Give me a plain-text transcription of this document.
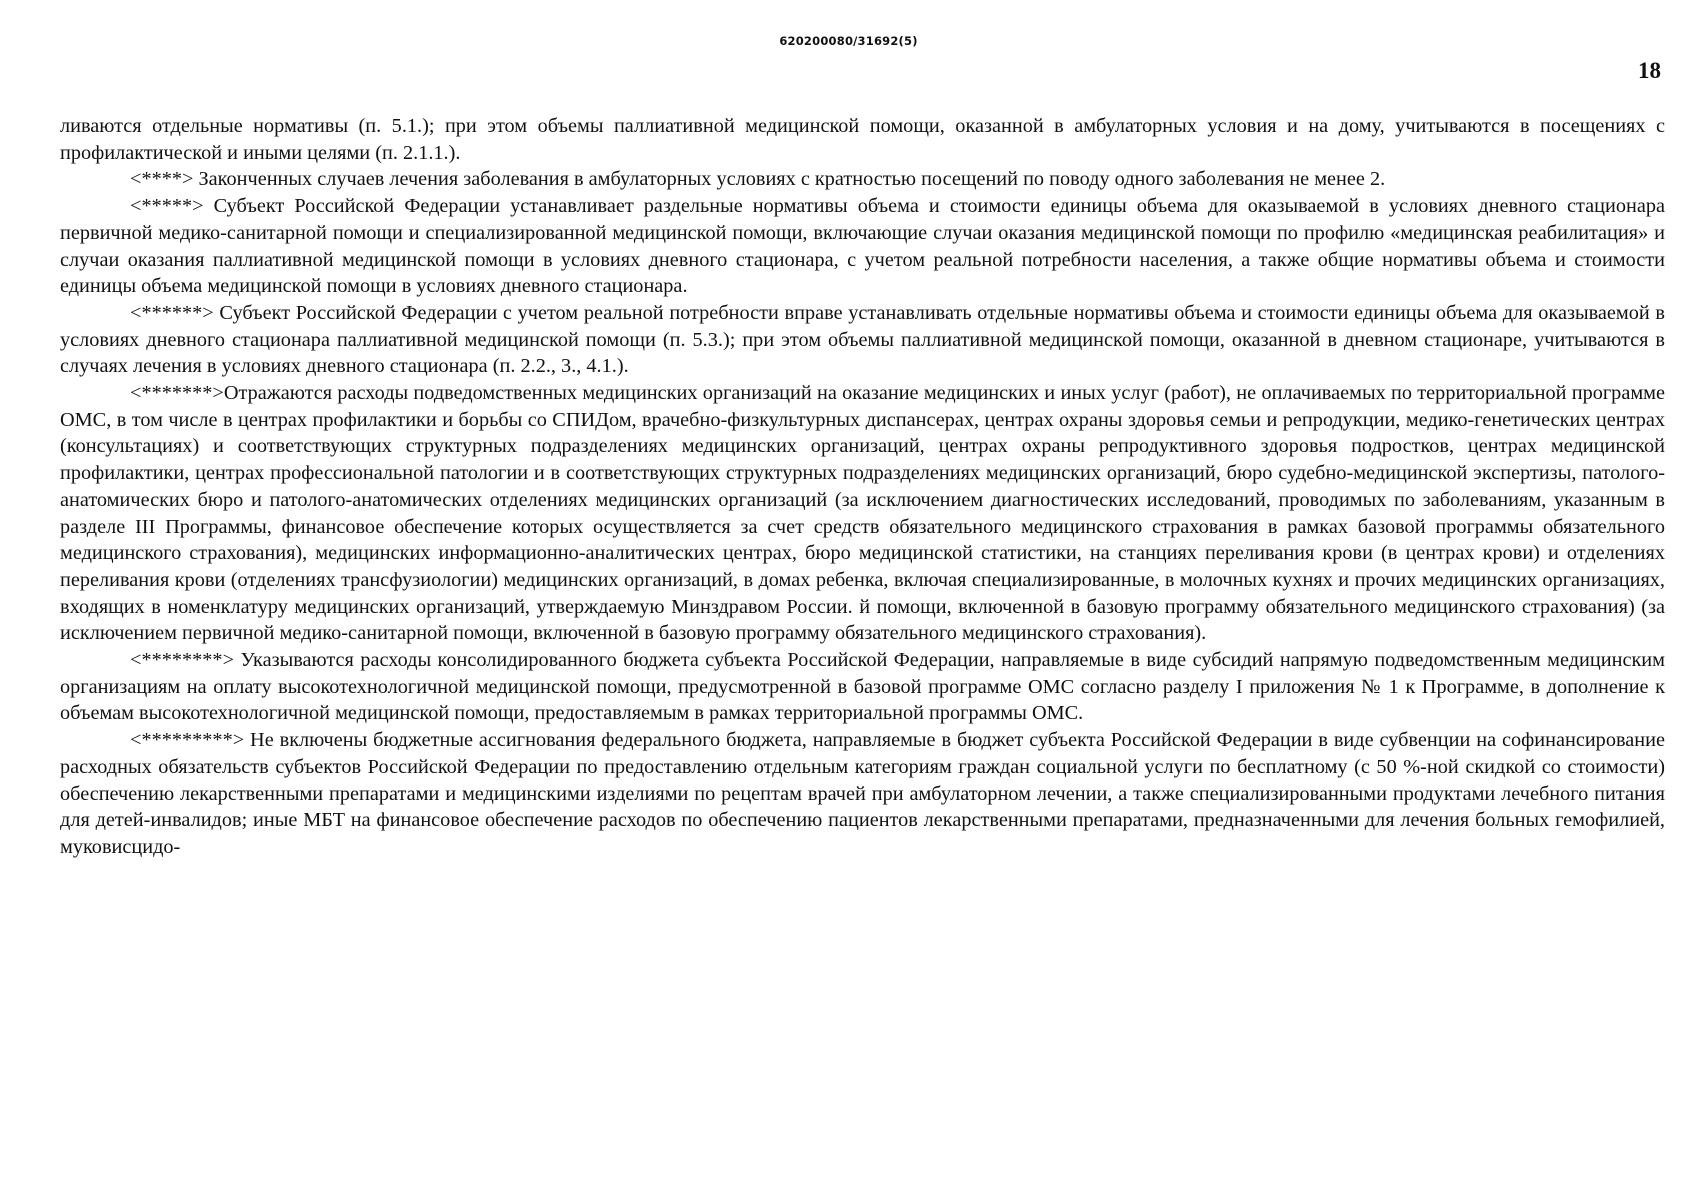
620200080/31692(5)
18

ливаются отдельные нормативы (п. 5.1.); при этом объемы паллиативной медицинской помощи, оказанной в амбулаторных условия и на дому, учитываются в посещениях с профилактической и иными целями (п. 2.1.1.).

<****> Законченных случаев лечения заболевания в амбулаторных условиях с кратностью посещений по поводу одного заболевания не менее 2.

<*****> Субъект Российской Федерации устанавливает раздельные нормативы объема и стоимости единицы объема для оказываемой в условиях дневного стационара первичной медико-санитарной помощи и специализированной медицинской помощи, включающие случаи оказания медицинской помощи по профилю «медицинская реабилитация» и случаи оказания паллиативной медицинской помощи в условиях дневного стационара, с учетом реальной потребности населения, а также общие нормативы объема и стоимости единицы объема медицинской помощи в условиях дневного стационара.

<******> Субъект Российской Федерации с учетом реальной потребности вправе устанавливать отдельные нормативы объема и стоимости единицы объема для оказываемой в условиях дневного стационара паллиативной медицинской помощи (п. 5.3.); при этом объемы паллиативной медицинской помощи, оказанной в дневном стационаре, учитываются в случаях лечения в условиях дневного стационара (п. 2.2., 3., 4.1.).

<*******>Отражаются расходы подведомственных медицинских организаций на оказание медицинских и иных услуг (работ), не оплачиваемых по территориальной программе ОМС, в том числе в центрах профилактики и борьбы со СПИДом, врачебно-физкультурных диспансерах, центрах охраны здоровья семьи и репродукции, медико-генетических центрах (консультациях) и соответствующих структурных подразделениях медицинских организаций, центрах охраны репродуктивного здоровья подростков, центрах медицинской профилактики, центрах профессиональной патологии и в соответствующих структурных подразделениях медицинских организаций, бюро судебно-медицинской экспертизы, патолого-анатомических бюро и патолого-анатомических отделениях медицинских организаций (за исключением диагностических исследований, проводимых по заболеваниям, указанным в разделе III Программы, финансовое обеспечение которых осуществляется за счет средств обязательного медицинского страхования в рамках базовой программы обязательного медицинского страхования), медицинских информационно-аналитических центрах, бюро медицинской статистики, на станциях переливания крови (в центрах крови) и отделениях переливания крови (отделениях трансфузиологии) медицинских организаций, в домах ребенка, включая специализированные, в молочных кухнях и прочих медицинских организациях, входящих в номенклатуру медицинских организаций, утверждаемую Минздравом России. й помощи, включенной в базовую программу обязательного медицинского страхования) (за исключением первичной медико-санитарной помощи, включенной в базовую программу обязательного медицинского страхования).

<********> Указываются расходы консолидированного бюджета субъекта Российской Федерации, направляемые в виде субсидий напрямую подведомственным медицинским организациям на оплату высокотехнологичной медицинской помощи, предусмотренной в базовой программе ОМС согласно разделу I приложения № 1 к Программе, в дополнение к объемам высокотехнологичной медицинской помощи, предоставляемым в рамках территориальной программы ОМС.

<*********> Не включены бюджетные ассигнования федерального бюджета, направляемые в бюджет субъекта Российской Федерации в виде субвенции на софинансирование расходных обязательств субъектов Российской Федерации по предоставлению отдельным категориям граждан социальной услуги по бесплатному (с 50 %-ной скидкой со стоимости) обеспечению лекарственными препаратами и медицинскими изделиями по рецептам врачей при амбулаторном лечении, а также специализированными продуктами лечебного питания для детей-инвалидов; иные МБТ на финансовое обеспечение расходов по обеспечению пациентов лекарственными препаратами, предназначенными для лечения больных гемофилией, муковисцидо-
